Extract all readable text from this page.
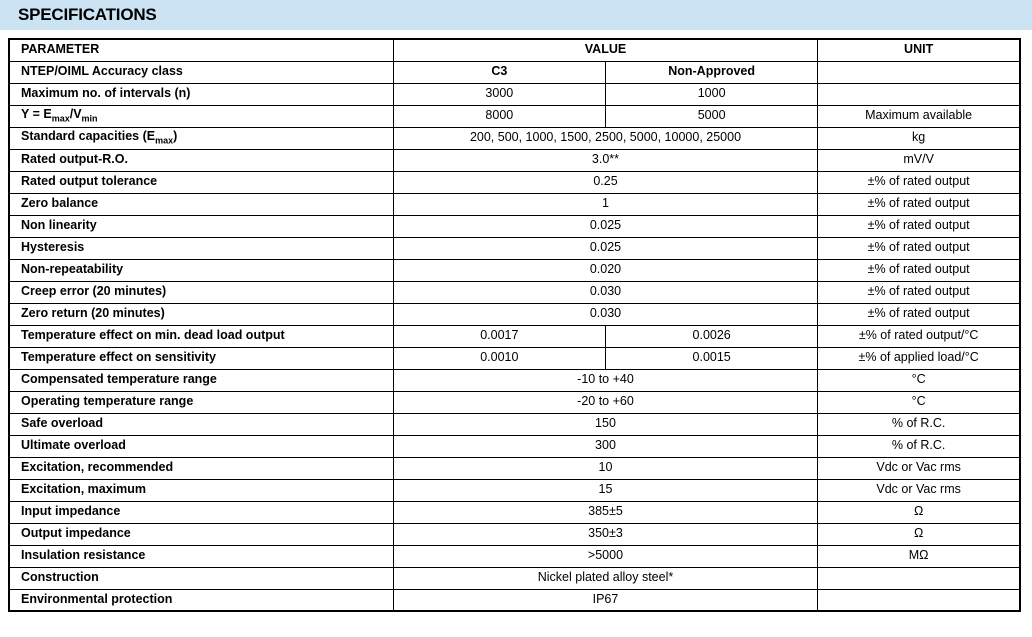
SPECIFICATIONS
PARAMETER	VALUE		UNIT
NTEP/OIML Accuracy class	C3	Non-Approved	
Maximum no. of intervals (n)	3000	1000	
$Y = E_{max}/V_{min}$	8000	5000	Maximum available
Standard capacities $(E_{max})$	200, 500, 1000, 1500, 2500, 5000, 10000, 25000		kg
Rated output-R.O.	3.0**		mV/V
Rated output tolerance	0.25		±% of rated output
Zero balance	1		±% of rated output
Non linearity	0.025		±% of rated output
Hysteresis	0.025		±% of rated output
Non-repeatability	0.020		±% of rated output
Creep error (20 minutes)	0.030		±% of rated output
Zero return (20 minutes)	0.030		±% of rated output
Temperature effect on min. dead load output	0.0017	0.0026	±% of rated output/°C
Temperature effect on sensitivity	0.0010	0.0015	±% of applied load/°C
Compensated temperature range	-10 to +40		°C
Operating temperature range	-20 to +60		°C
Safe overload	150		% of R.C.
Ultimate overload	300		% of R.C.
Excitation, recommended	10		Vdc or Vac rms
Excitation, maximum	15		Vdc or Vac rms
Input impedance	385±5		Ω
Output impedance	350±3		Ω
Insulation resistance	>5000		MΩ
Construction	Nickel plated alloy steel*		
Environmental protection	IP67		
